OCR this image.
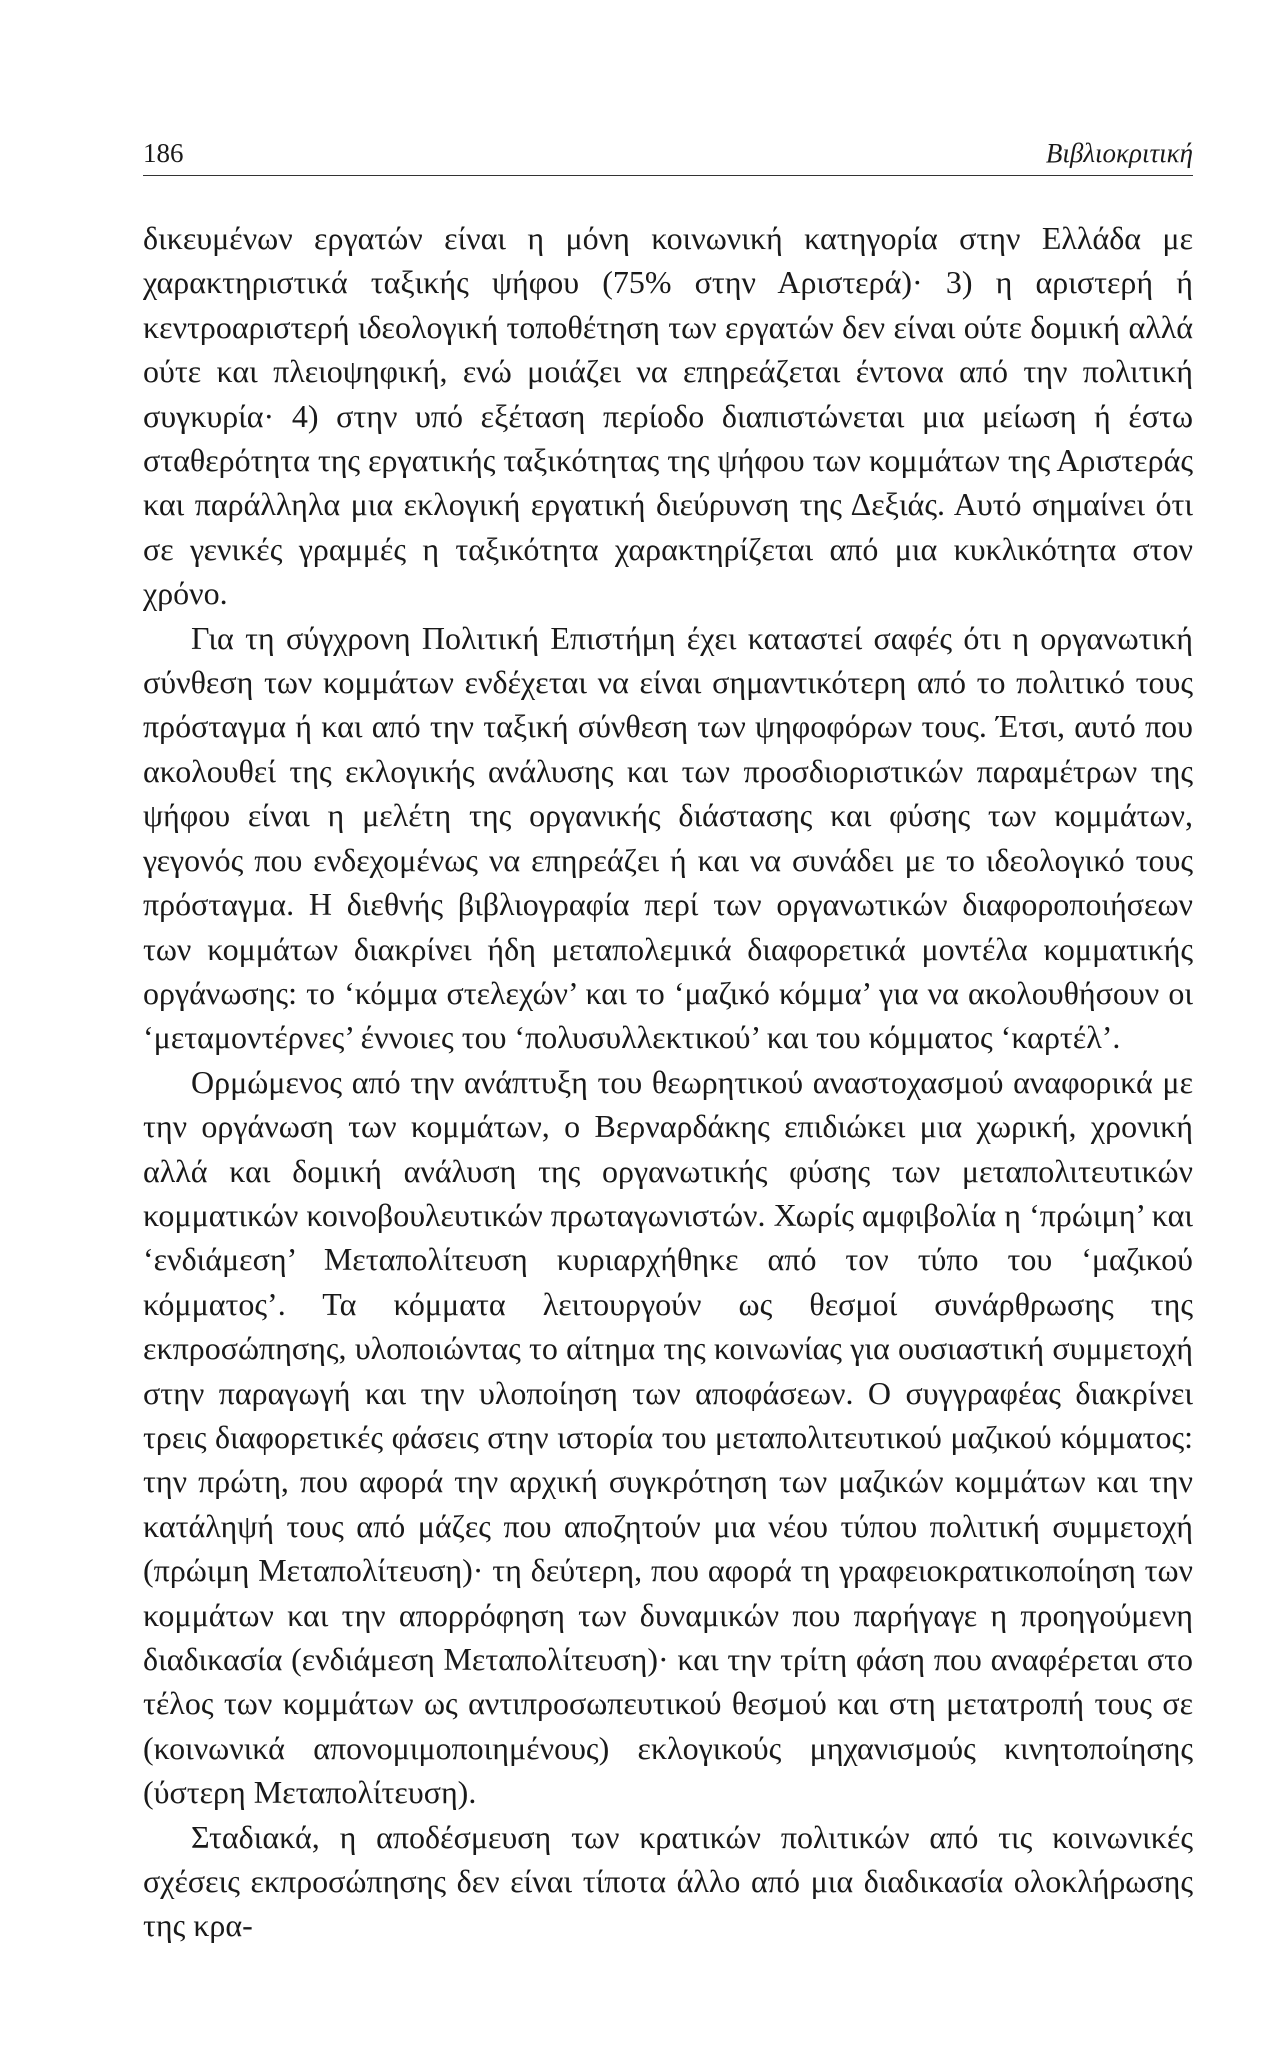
186	Βιβλιοκριτική

δικευμένων εργατών είναι η μόνη κοινωνική κατηγορία στην Ελλάδα με χαρακτηριστικά ταξικής ψήφου (75% στην Αριστερά)· 3) η αριστερή ή κεντροαριστερή ιδεολογική τοποθέτηση των εργατών δεν είναι ούτε δομική αλλά ούτε και πλειοψηφική, ενώ μοιάζει να επηρεάζεται έντονα από την πολιτική συγκυρία· 4) στην υπό εξέταση περίοδο διαπιστώνεται μια μείωση ή έστω σταθερότητα της εργατικής ταξικότητας της ψήφου των κομμάτων της Αριστεράς και παράλληλα μια εκλογική εργατική διεύρυνση της Δεξιάς. Αυτό σημαίνει ότι σε γενικές γραμμές η ταξικότητα χαρακτηρίζεται από μια κυκλικότητα στον χρόνο.

Για τη σύγχρονη Πολιτική Επιστήμη έχει καταστεί σαφές ότι η οργανωτική σύνθεση των κομμάτων ενδέχεται να είναι σημαντικότερη από το πολιτικό τους πρόσταγμα ή και από την ταξική σύνθεση των ψηφοφόρων τους. Έτσι, αυτό που ακολουθεί της εκλογικής ανάλυσης και των προσδιοριστικών παραμέτρων της ψήφου είναι η μελέτη της οργανικής διάστασης και φύσης των κομμάτων, γεγονός που ενδεχομένως να επηρεάζει ή και να συνάδει με το ιδεολογικό τους πρόσταγμα. Η διεθνής βιβλιογραφία περί των οργανωτικών διαφοροποιήσεων των κομμάτων διακρίνει ήδη μεταπολεμικά διαφορετικά μοντέλα κομματικής οργάνωσης: το ‘κόμμα στελεχών’ και το ‘μαζικό κόμμα’ για να ακολουθήσουν οι ‘μεταμοντέρνες’ έννοιες του ‘πολυσυλλεκτικού’ και του κόμματος ‘καρτέλ’.

Ορμώμενος από την ανάπτυξη του θεωρητικού αναστοχασμού αναφορικά με την οργάνωση των κομμάτων, ο Βερναρδάκης επιδιώκει μια χωρική, χρονική αλλά και δομική ανάλυση της οργανωτικής φύσης των μεταπολιτευτικών κομματικών κοινοβουλευτικών πρωταγωνιστών. Χωρίς αμφιβολία η ‘πρώιμη’ και ‘ενδιάμεση’ Μεταπολίτευση κυριαρχήθηκε από τον τύπο του ‘μαζικού κόμματος’. Τα κόμματα λειτουργούν ως θεσμοί συνάρθρωσης της εκπροσώπησης, υλοποιώντας το αίτημα της κοινωνίας για ουσιαστική συμμετοχή στην παραγωγή και την υλοποίηση των αποφάσεων. Ο συγγραφέας διακρίνει τρεις διαφορετικές φάσεις στην ιστορία του μεταπολιτευτικού μαζικού κόμματος: την πρώτη, που αφορά την αρχική συγκρότηση των μαζικών κομμάτων και την κατάληψή τους από μάζες που αποζητούν μια νέου τύπου πολιτική συμμετοχή (πρώιμη Μεταπολίτευση)· τη δεύτερη, που αφορά τη γραφειοκρατικοποίηση των κομμάτων και την απορρόφηση των δυναμικών που παρήγαγε η προηγούμενη διαδικασία (ενδιάμεση Μεταπολίτευση)· και την τρίτη φάση που αναφέρεται στο τέλος των κομμάτων ως αντιπροσωπευτικού θεσμού και στη μετατροπή τους σε (κοινωνικά απονομιμοποιημένους) εκλογικούς μηχανισμούς κινητοποίησης (ύστερη Μεταπολίτευση).

Σταδιακά, η αποδέσμευση των κρατικών πολιτικών από τις κοινωνικές σχέσεις εκπροσώπησης δεν είναι τίποτα άλλο από μια διαδικασία ολοκλήρωσης της κρα-
